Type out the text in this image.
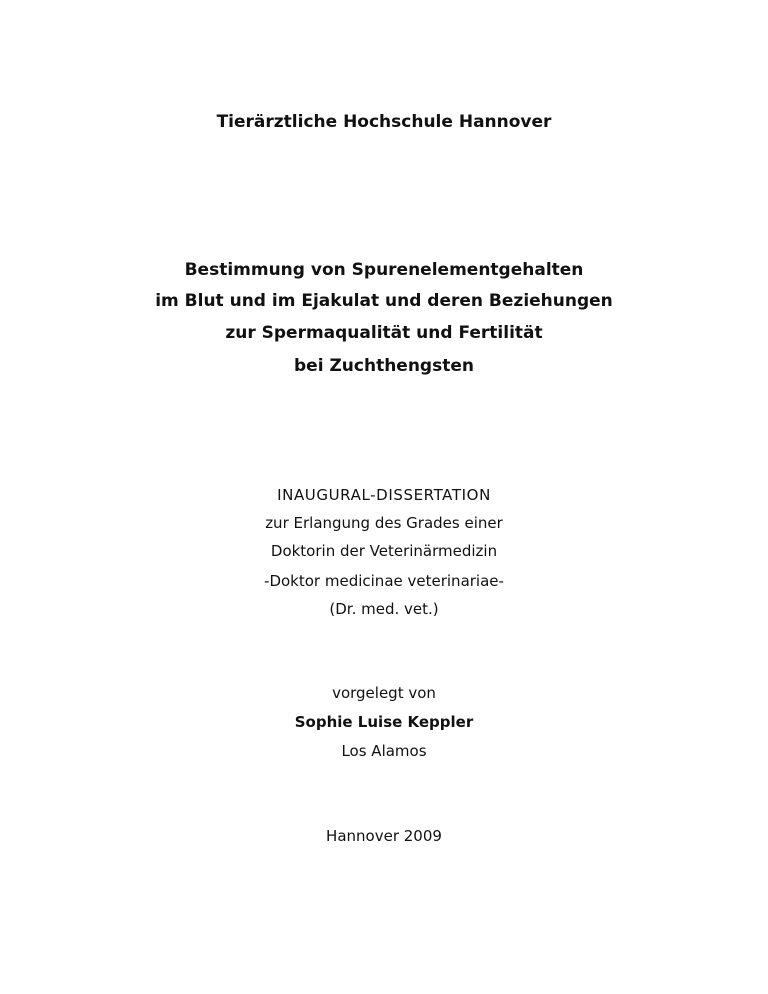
Tierärztliche Hochschule Hannover
Bestimmung von Spurenelementgehalten
im Blut und im Ejakulat und deren Beziehungen
zur Spermaqualität und Fertilität
bei Zuchthengsten
INAUGURAL-DISSERTATION
zur Erlangung des Grades einer
Doktorin der Veterinärmedizin
-Doktor medicinae veterinariae-
(Dr. med. vet.)
vorgelegt von
Sophie Luise Keppler
Los Alamos
Hannover 2009
